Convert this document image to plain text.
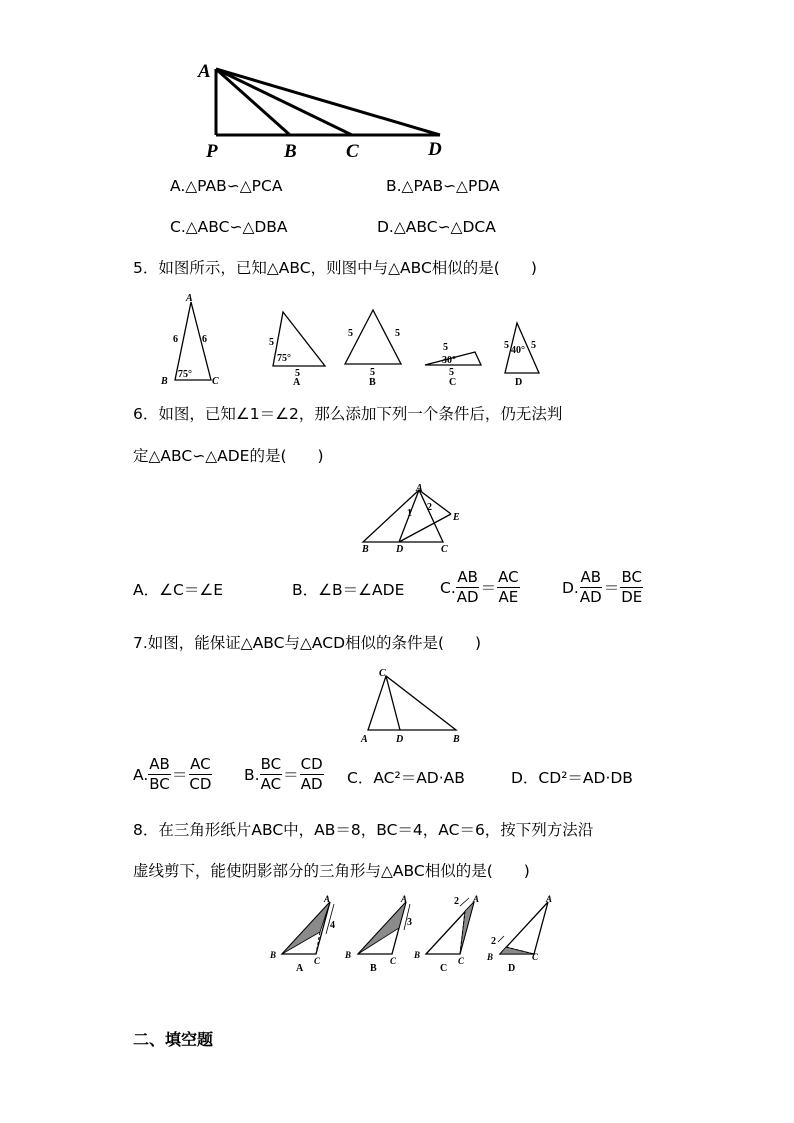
A
P	B	C	D
A.△PAB∽△PCA	B.△PAB∽△PDA
C.△ABC∽△DBA	D.△ABC∽△DCA
5．如图所示，已知△ABC，则图中与△ABC相似的是(　　)
A
B	C
6 6
75°
5
75°
5
A
5	5
5
B
5
30°
5
C
5 5
40°
D
6．如图，已知∠1＝∠2，那么添加下列一个条件后，仍无法判
定△ABC∽△ADE的是(　　)
A
B	D	C
E
1
2
A．∠C＝∠E	B．∠B＝∠ADE C. $\frac{AB}{AD} = \frac{AC}{AE}$	D. $\frac{AB}{AD} = \frac{BC}{DE}$
7.如图，能保证△ABC与△ACD相似的条件是(　　)
C
A	D	B
A. $\frac{AB}{BC} = \frac{AC}{CD} B$. $\frac{BC}{AC} = \frac{CD}{AD}$ C．AC²＝AD·AB	D．CD²＝AD·DB
8．在三角形纸片ABC中，AB＝8，BC＝4，AC＝6，按下列方法沿
虚线剪下，能使阴影部分的三角形与△ABC相似的是(　　)
A
B
C
4
A
A
B
C
3
B
A
B
C
2
C
A
B	C
2
D
二、填空题
